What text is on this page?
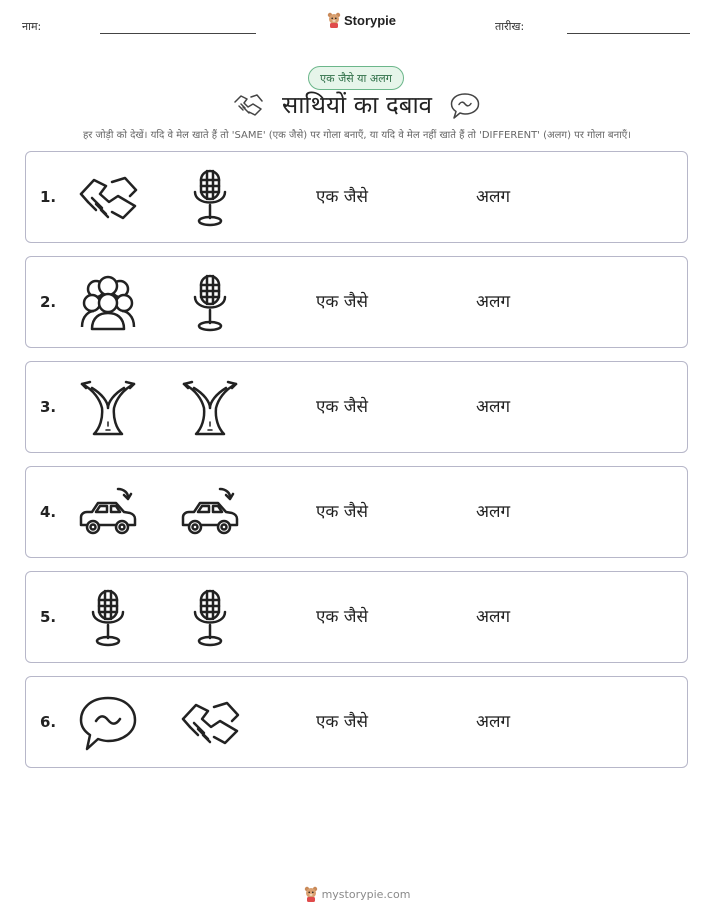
नाम:	Storypie	तारीख:
एक जैसे या अलग
साथियों का दबाव
हर जोड़ी को देखें। यदि वे मेल खाते हैं तो 'SAME' (एक जैसे) पर गोला बनाएँ, या यदि वे मेल नहीं खाते हैं तो 'DIFFERENT' (अलग) पर गोला बनाएँ।
1.	एक जैसे	अलग
2.	एक जैसे	अलग
3.	एक जैसे	अलग
4.	एक जैसे	अलग
5.	एक जैसे	अलग
6.	एक जैसे	अलग
mystorypie.com
